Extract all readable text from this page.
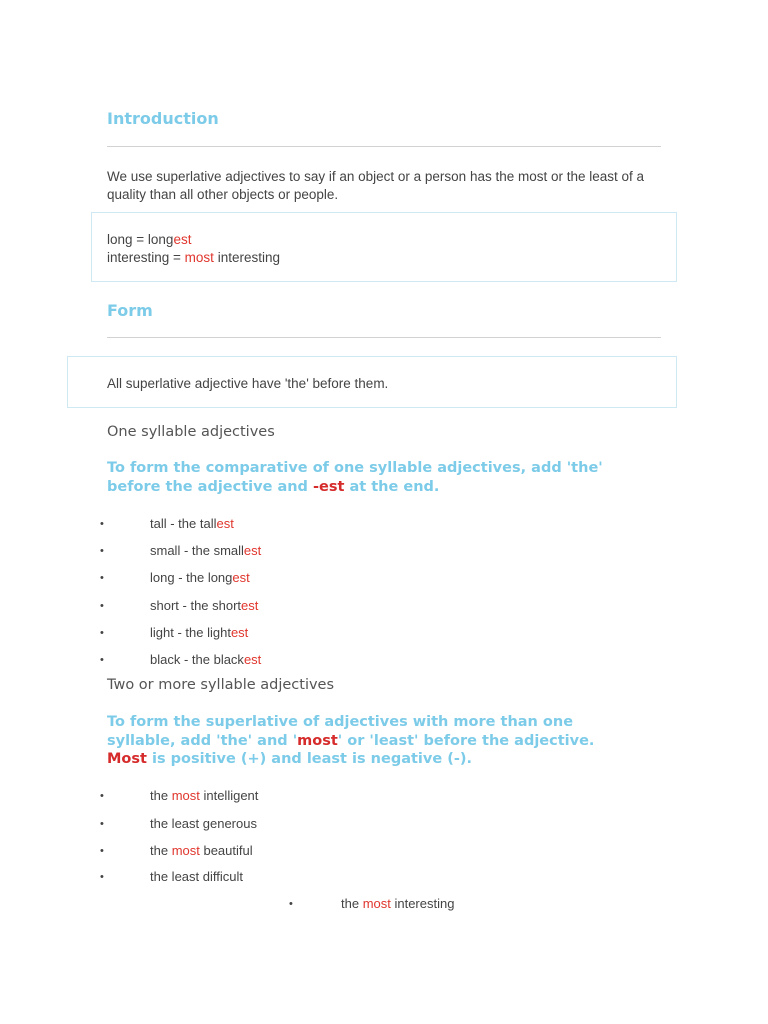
Introduction
We use superlative adjectives to say if an object or a person has the most or the least of a quality than all other objects or people.
long = longest
interesting = most interesting
Form
All superlative adjective have 'the' before them.
One syllable adjectives
To form the comparative of one syllable adjectives, add 'the' before the adjective and -est at the end.
•	tall - the tallest
•	small - the smallest
•	long - the longest
•	short - the shortest
•	light - the lightest
•	black - the blackest
Two or more syllable adjectives
To form the superlative of adjectives with more than one syllable, add 'the' and 'most' or 'least' before the adjective. Most is positive (+) and least is negative (-).
•	the most intelligent
•	the least generous
•	the most beautiful
•	the least difficult
•	the most interesting
